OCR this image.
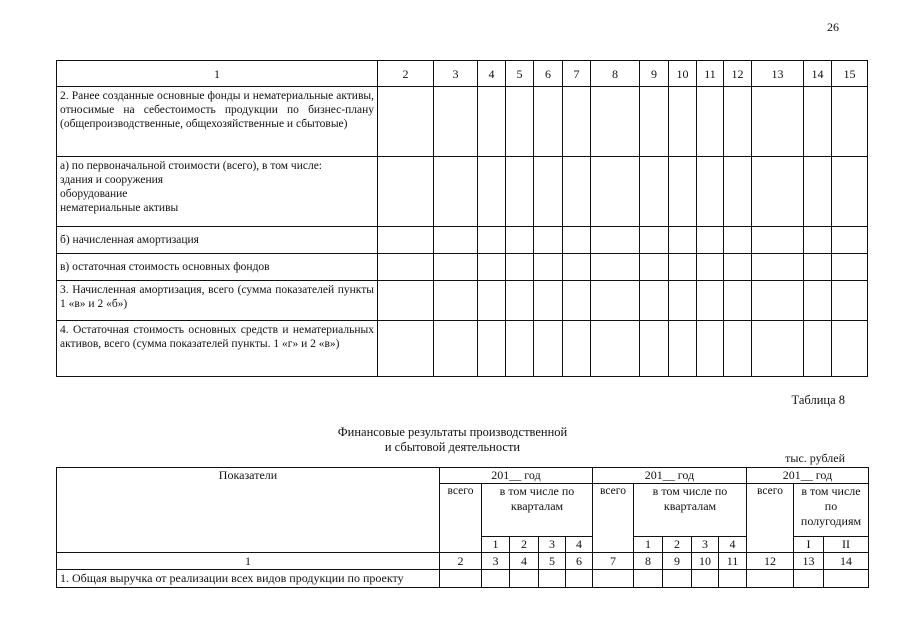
26
1	2	3	4	5	6	7	8	9	10	11	12	13	14	15
2. Ранее созданные основные фонды и нематериальные активы, относимые на себестоимость продукции по бизнес-плану (общепроизводственные, общехозяйственные и сбытовые)														

а) по первоначальной стоимости (всего), в том числе:
здания и сооружения
оборудование
нематериальные активы														

б) начисленная амортизация														
в) остаточная стоимость основных фондов														
3. Начисленная амортизация, всего (сумма показателей пункты 1 «в» и 2 «б»)														
4. Остаточная стоимость основных средств и нематериальных активов, всего (сумма показателей пункты. 1 «г» и 2 «в»)														
Таблица 8
Финансовые результаты производственной
и сбытовой деятельности
тыс. рублей
Показатели	201__ год					201__ год					201__ год		
	всего	в том числе по кварталам				всего	в том числе по кварталам				всего	в том числе по полугодиям	
		1	2	3	4		1	2	3	4		I	II
1	2	3	4	5	6	7	8	9	10	11	12	13	14
1. Общая выручка от реализации всех видов продукции по проекту													
